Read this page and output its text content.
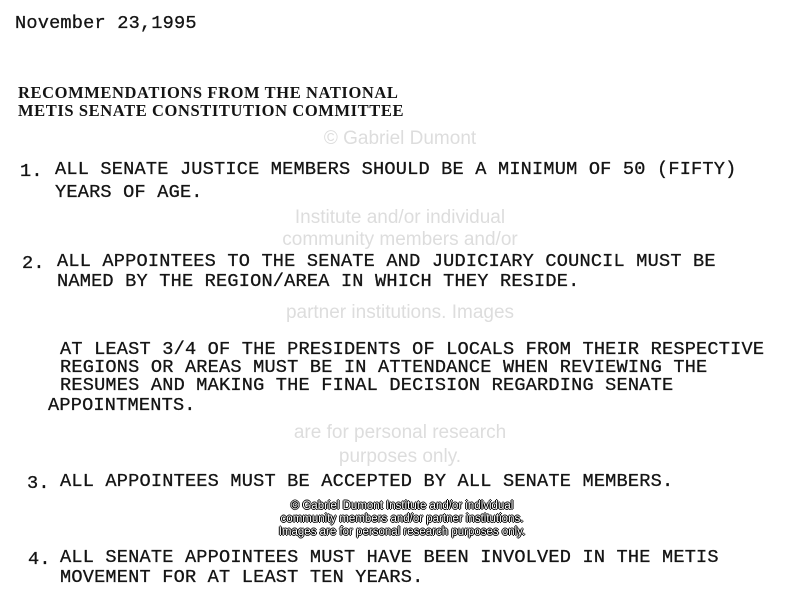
November 23,1995
RECOMMENDATIONS FROM THE NATIONAL
METIS SENATE CONSTITUTION COMMITTEE
1. ALL SENATE JUSTICE MEMBERS SHOULD BE A MINIMUM OF 50 (FIFTY)
YEARS OF AGE.
2. ALL APPOINTEES TO THE SENATE AND JUDICIARY COUNCIL MUST BE
NAMED BY THE REGION/AREA IN WHICH THEY RESIDE.
AT LEAST 3/4 OF THE PRESIDENTS OF LOCALS FROM THEIR RESPECTIVE
REGIONS OR AREAS MUST BE IN ATTENDANCE WHEN REVIEWING THE
RESUMES AND MAKING THE FINAL DECISION REGARDING SENATE
APPOINTMENTS.
3. ALL APPOINTEES MUST BE ACCEPTED BY ALL SENATE MEMBERS.
4. ALL SENATE APPOINTEES MUST HAVE BEEN INVOLVED IN THE METIS
MOVEMENT FOR AT LEAST TEN YEARS.
© Gabriel Dumont
Institute and/or individual
community members and/or
partner institutions. Images
are for personal research
purposes only.
© Gabriel Dumont Institute and/or individual
community members and/or partner institutions.
Images are for personal research purposes only.
